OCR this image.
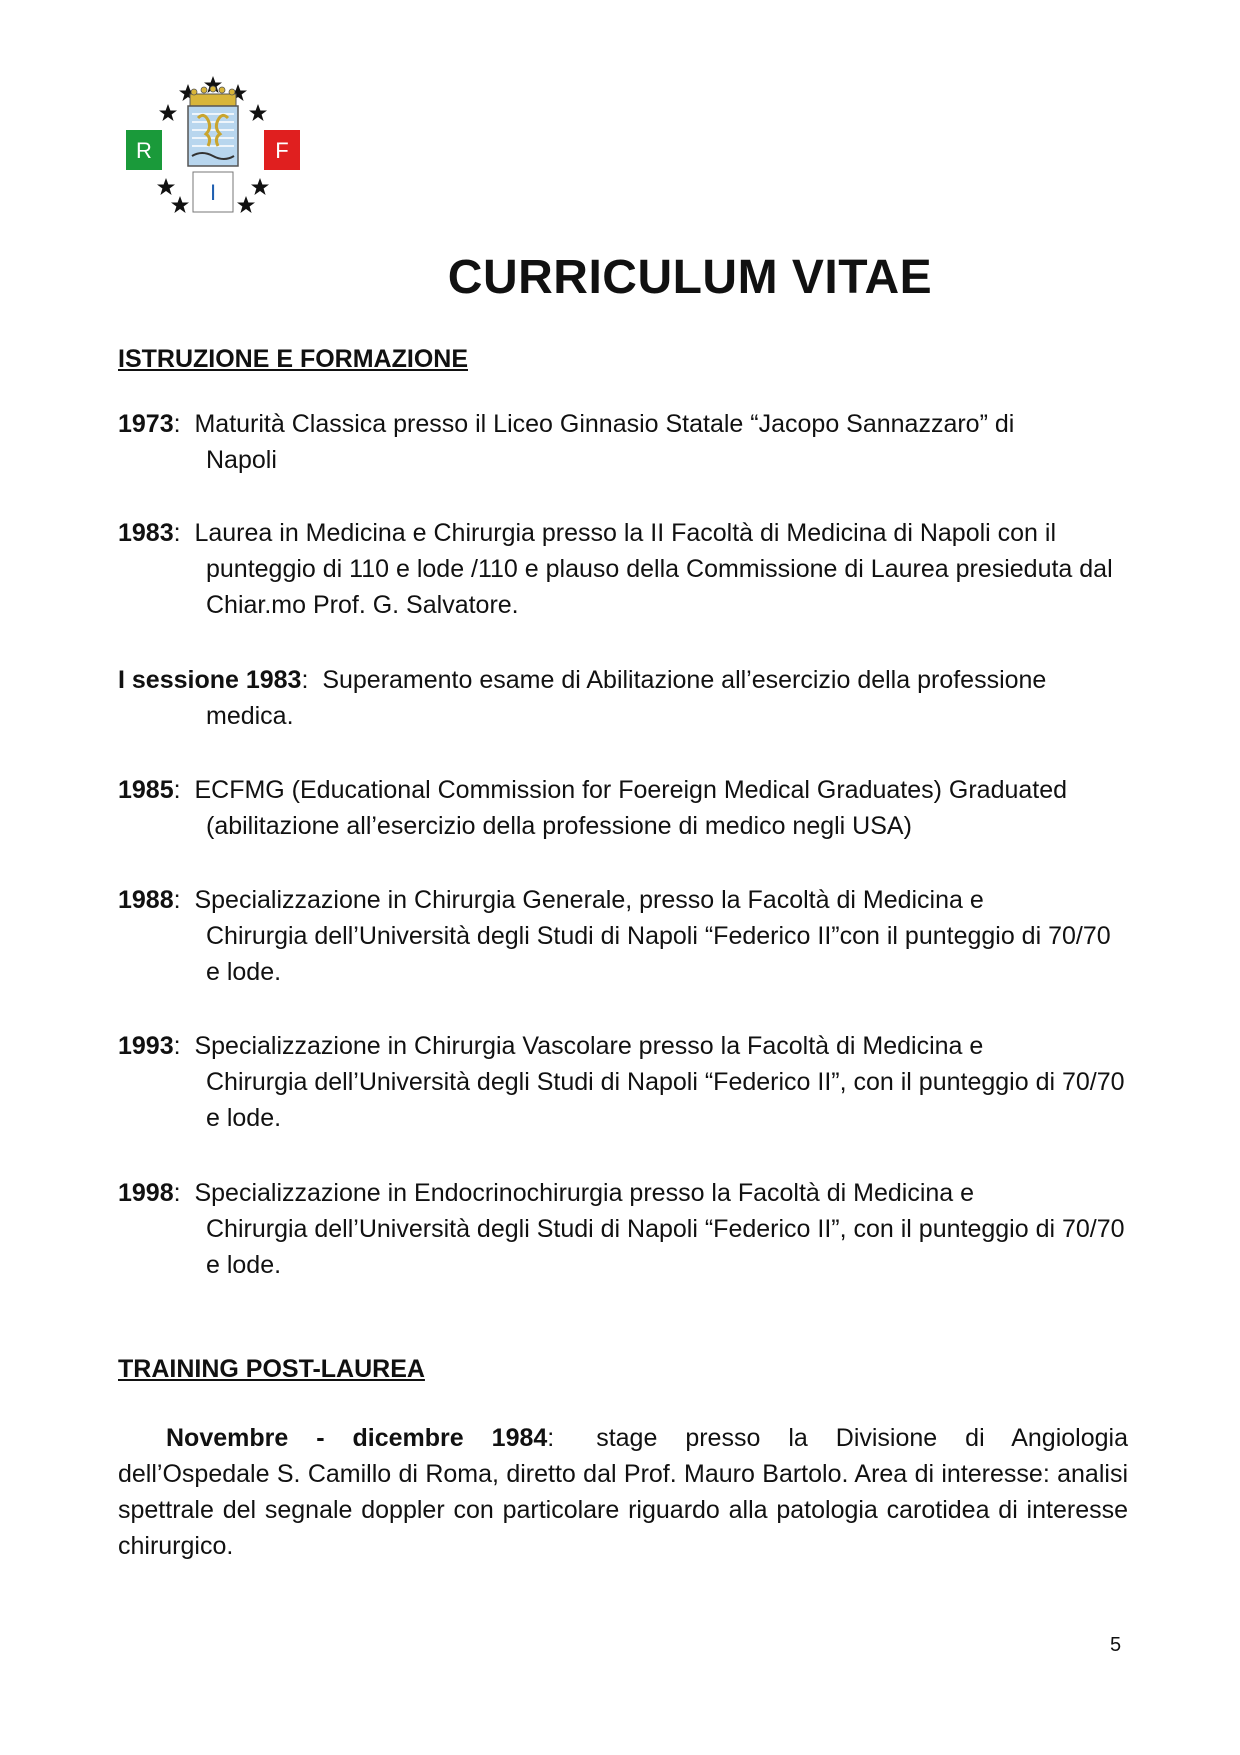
R	F
I
CURRICULUM VITAE
ISTRUZIONE E FORMAZIONE
1973:  Maturità Classica presso il Liceo Ginnasio Statale “Jacopo Sannazzaro” di
Napoli
1983:  Laurea in Medicina e Chirurgia presso la II Facoltà di Medicina di Napoli con il
punteggio di 110 e lode /110 e plauso della Commissione di Laurea presieduta dal Chiar.mo Prof. G. Salvatore.
I sessione 1983:  Superamento esame di Abilitazione all’esercizio della professione
medica.
1985:  ECFMG (Educational Commission for Foereign Medical Graduates) Graduated
(abilitazione all’esercizio della professione di medico negli USA)
1988:  Specializzazione in Chirurgia Generale, presso la Facoltà di Medicina e
Chirurgia dell’Università degli Studi di Napoli “Federico II”con il punteggio di 70/70 e lode.
1993:  Specializzazione in Chirurgia Vascolare presso la Facoltà di Medicina e
Chirurgia dell’Università degli Studi di Napoli “Federico II”, con il punteggio di 70/70 e lode.
1998:  Specializzazione in Endocrinochirurgia presso la Facoltà di Medicina e
Chirurgia dell’Università degli Studi di Napoli “Federico II”, con il punteggio di 70/70 e lode.
TRAINING POST-LAUREA
Novembre  -  dicembre  1984: stage  presso  la  Divisione  di  Angiologia dell’Ospedale S. Camillo di Roma, diretto dal Prof. Mauro Bartolo. Area di interesse: analisi spettrale del segnale doppler con particolare riguardo alla patologia carotidea di interesse chirurgico.
5
